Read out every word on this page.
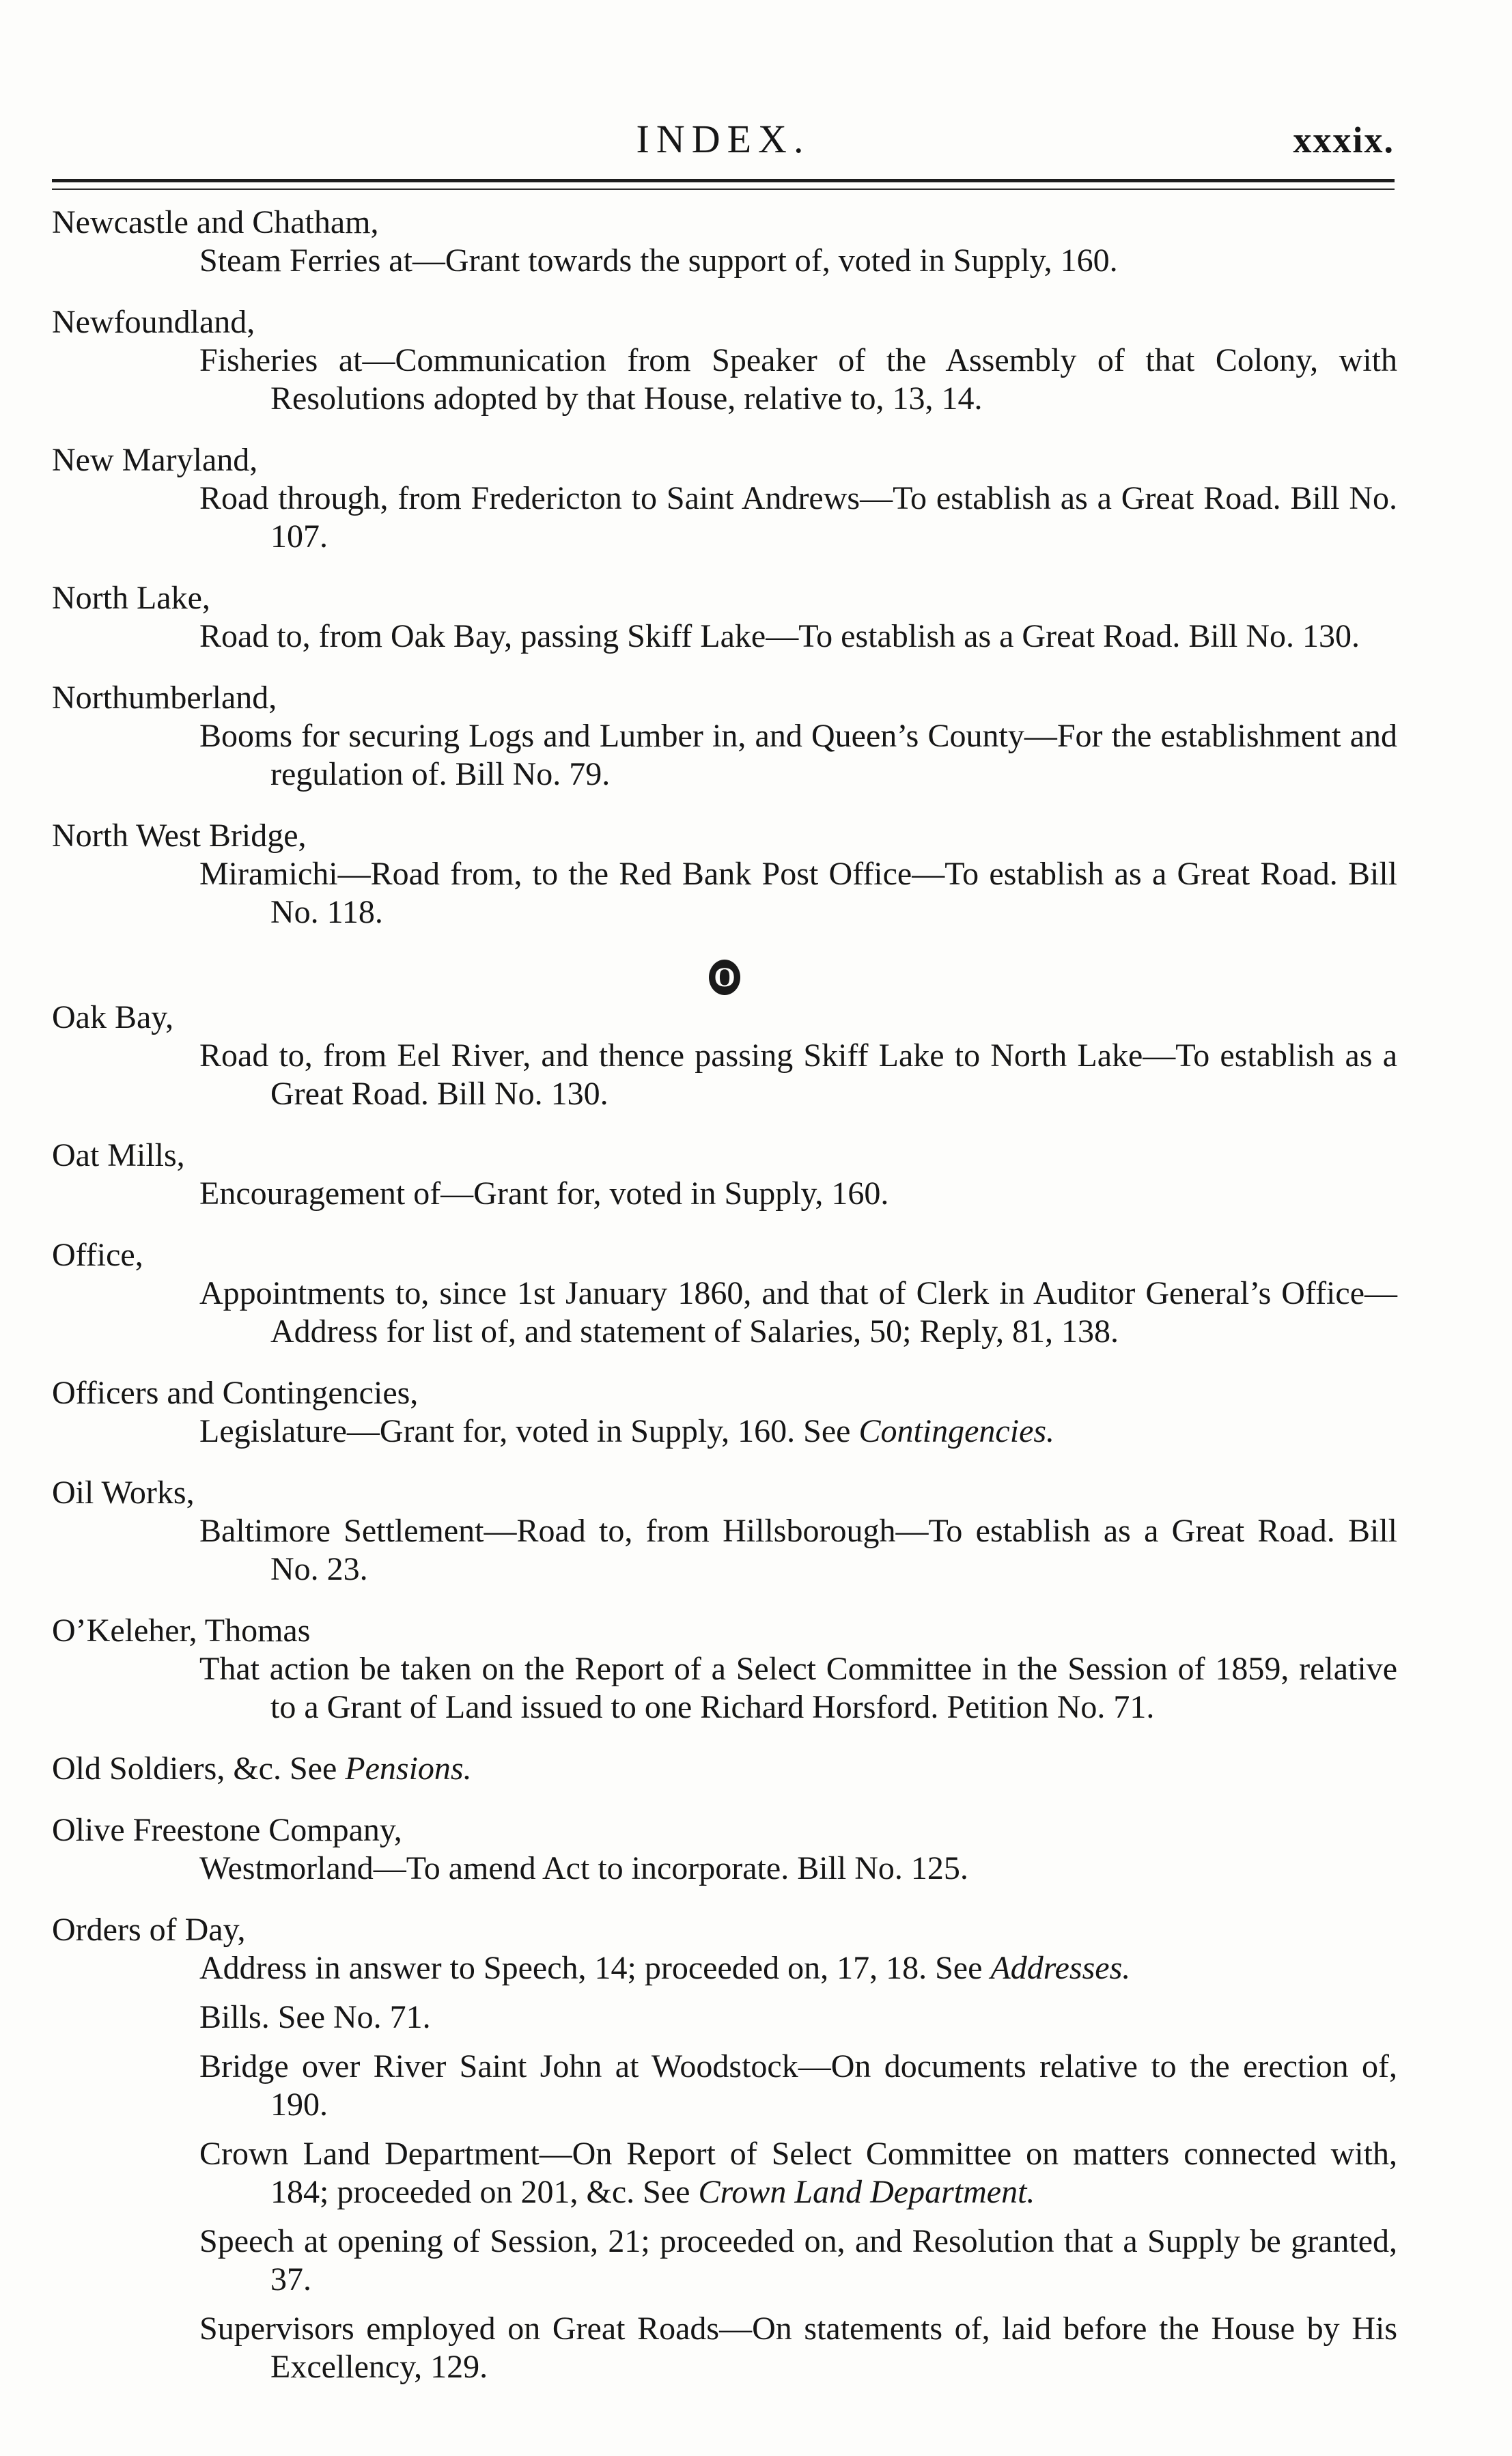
INDEX.	xxxix.
Newcastle and Chatham,
Steam Ferries at—Grant towards the support of, voted in Supply, 160.
Newfoundland,
Fisheries at—Communication from Speaker of the Assembly of that Colony, with Resolutions adopted by that House, relative to, 13, 14.
New Maryland,
Road through, from Fredericton to Saint Andrews—To establish as a Great Road. Bill No. 107.
North Lake,
Road to, from Oak Bay, passing Skiff Lake—To establish as a Great Road. Bill No. 130.
Northumberland,
Booms for securing Logs and Lumber in, and Queen’s County—For the establishment and regulation of. Bill No. 79.
North West Bridge,
Miramichi—Road from, to the Red Bank Post Office—To establish as a Great Road. Bill No. 118.
O
Oak Bay,
Road to, from Eel River, and thence passing Skiff Lake to North Lake—To establish as a Great Road. Bill No. 130.
Oat Mills,
Encouragement of—Grant for, voted in Supply, 160.
Office,
Appointments to, since 1st January 1860, and that of Clerk in Auditor General’s Office—Address for list of, and statement of Salaries, 50; Reply, 81, 138.
Officers and Contingencies,
Legislature—Grant for, voted in Supply, 160. See Contingencies.
Oil Works,
Baltimore Settlement—Road to, from Hillsborough—To establish as a Great Road. Bill No. 23.
O’Keleher, Thomas
That action be taken on the Report of a Select Committee in the Session of 1859, relative to a Grant of Land issued to one Richard Horsford. Petition No. 71.
Old Soldiers, &c. See Pensions.
Olive Freestone Company,
Westmorland—To amend Act to incorporate. Bill No. 125.
Orders of Day,
Address in answer to Speech, 14; proceeded on, 17, 18. See Addresses.
Bills. See No. 71.
Bridge over River Saint John at Woodstock—On documents relative to the erection of, 190.
Crown Land Department—On Report of Select Committee on matters connected with, 184; proceeded on 201, &c. See Crown Land Department.
Speech at opening of Session, 21; proceeded on, and Resolution that a Supply be granted, 37.
Supervisors employed on Great Roads—On statements of, laid before the House by His Excellency, 129.
